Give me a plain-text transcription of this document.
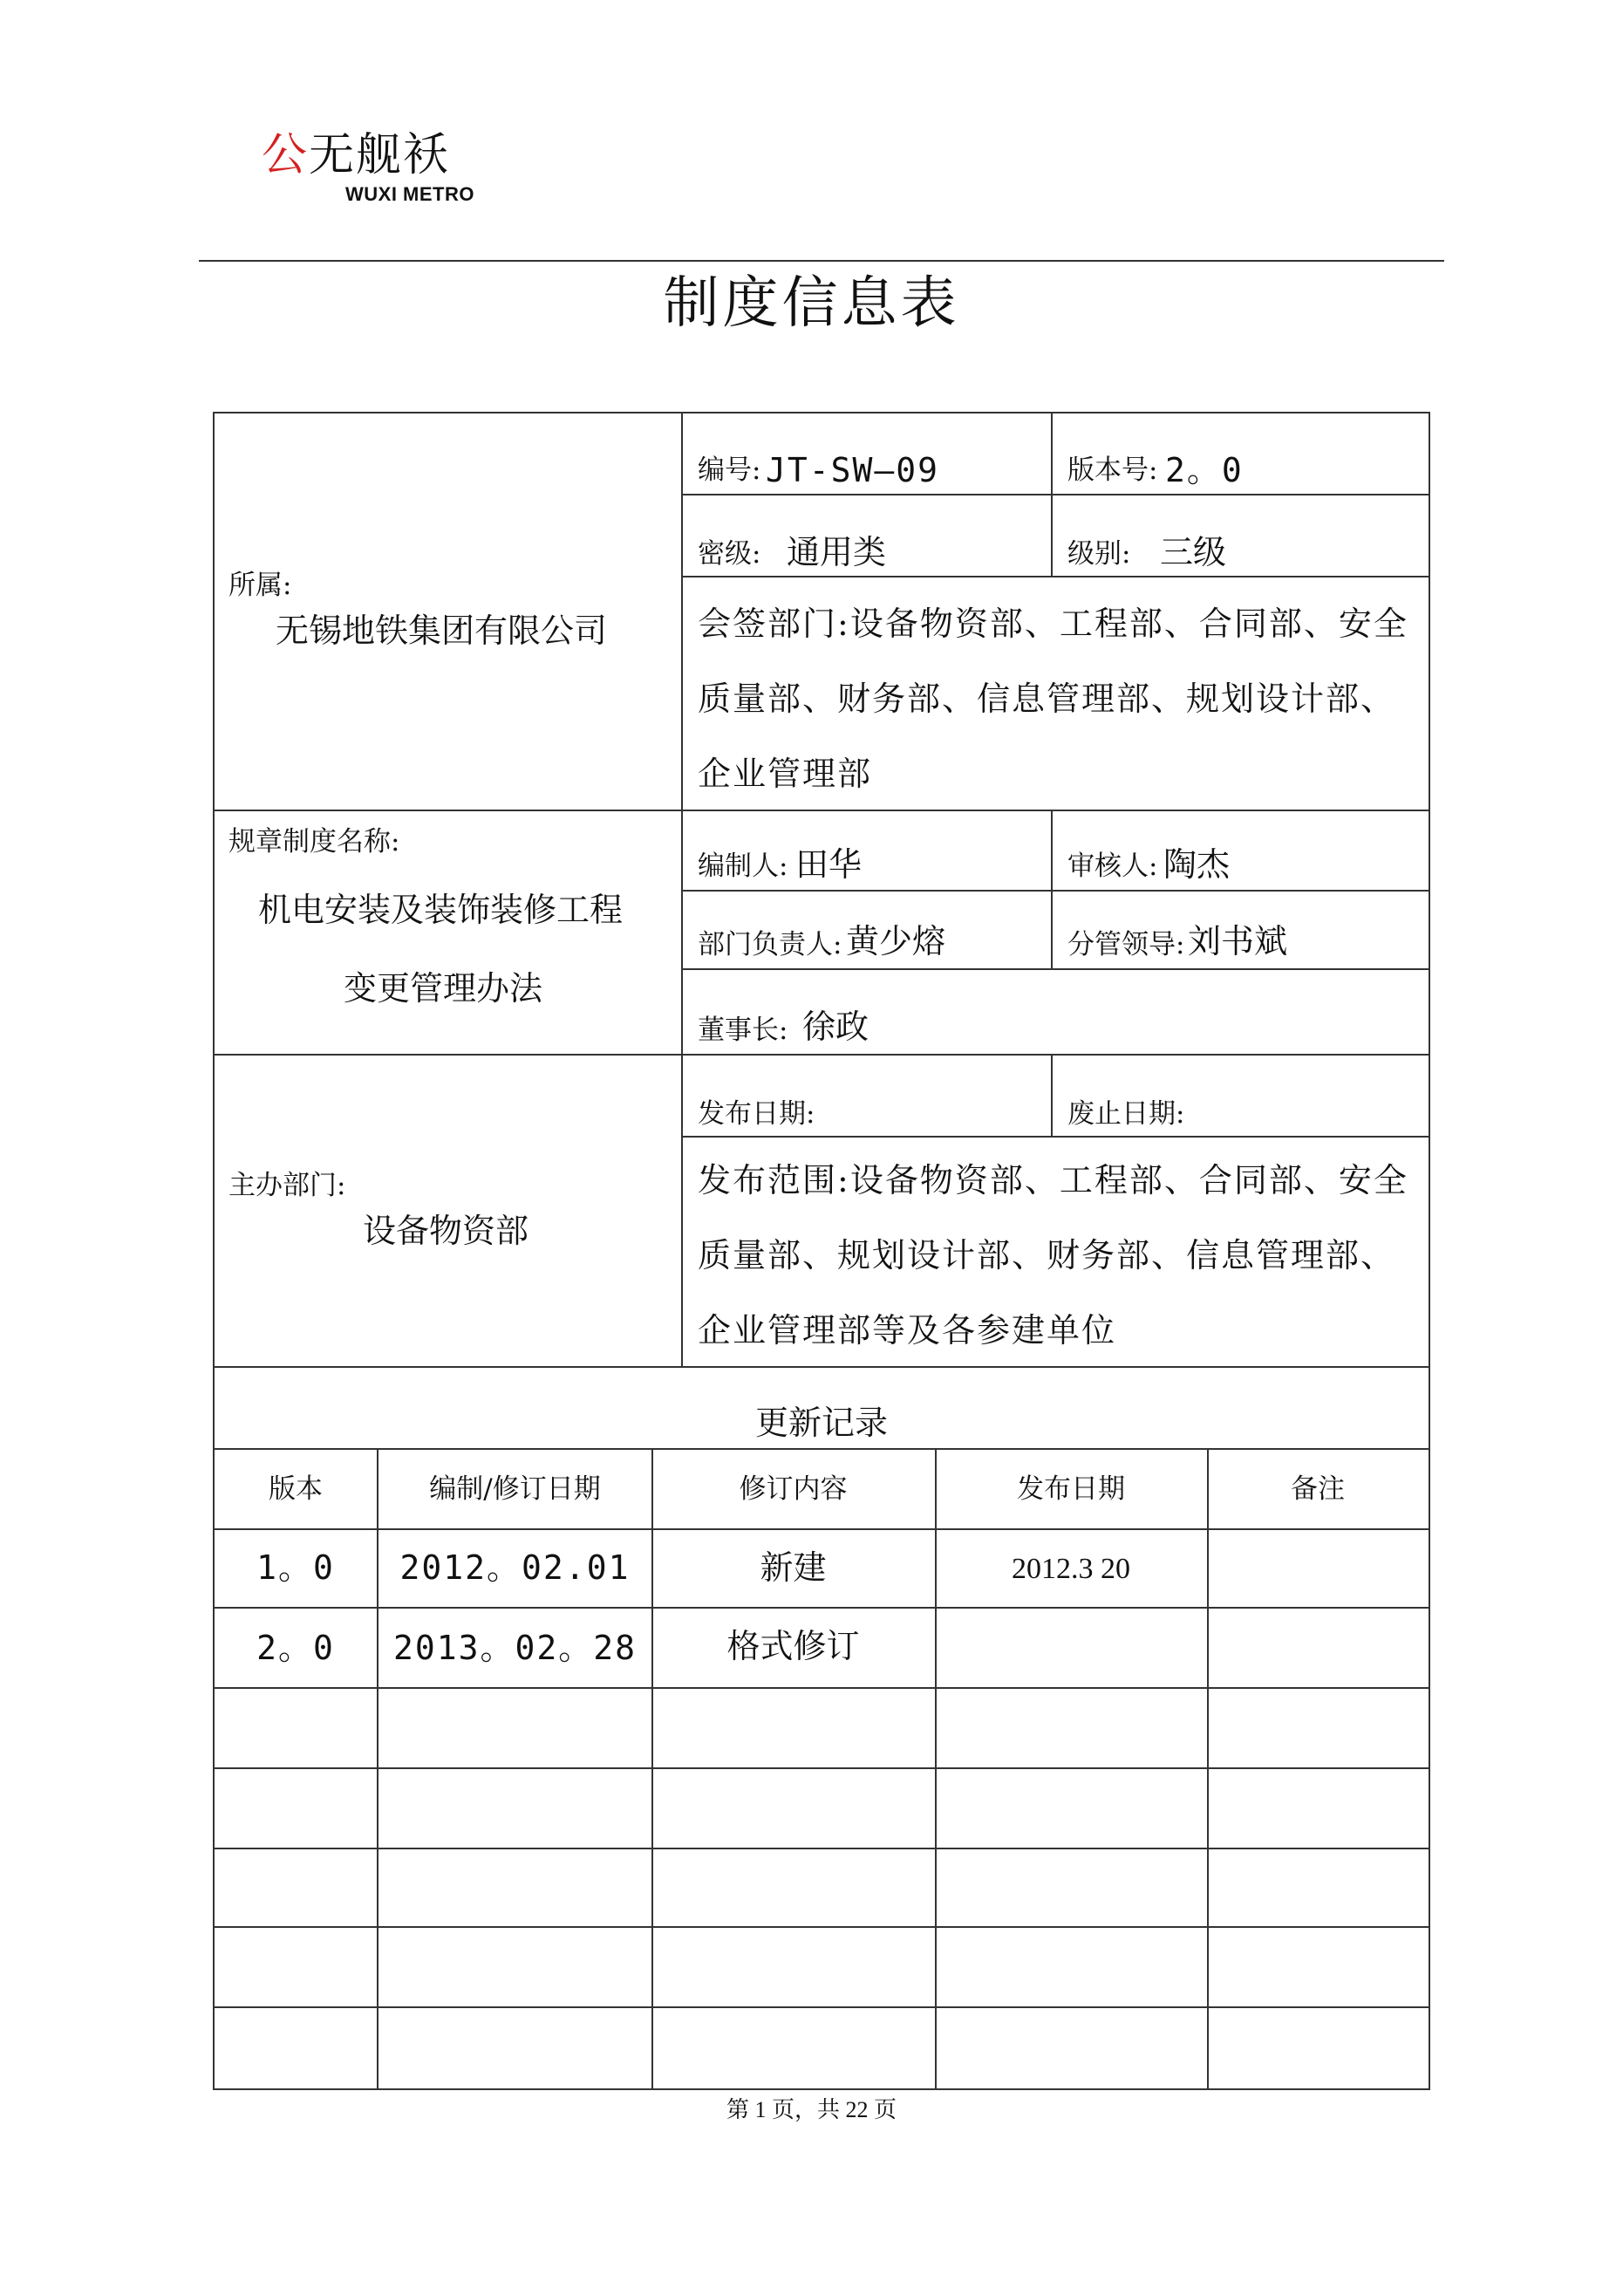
公无舰袄
WUXI METRO
制度信息表
所属:
无锡地铁集团有限公司
编号: JT-SW—09	版本号: 2。0
密级: 通用类	级别: 三级
会签部门:设备物资部、工程部、合同部、安全质量部、财务部、信息管理部、规划设计部、企业管理部
规章制度名称:
机电安装及装饰装修工程
变更管理办法
编制人: 田华	审核人: 陶杰
部门负责人: 黄少熔	分管领导: 刘书斌
董事长: 徐政
主办部门:
设备物资部
发布日期:	废止日期:
发布范围:设备物资部、工程部、合同部、安全质量部、规划设计部、财务部、信息管理部、企业管理部等及各参建单位
更新记录
版本	编制/修订日期	修订内容	发布日期	备注
1。0	2012。02.01	新建	2012.3 20
2。0	2013。02。28	格式修订
第 1 页，共 22 页
